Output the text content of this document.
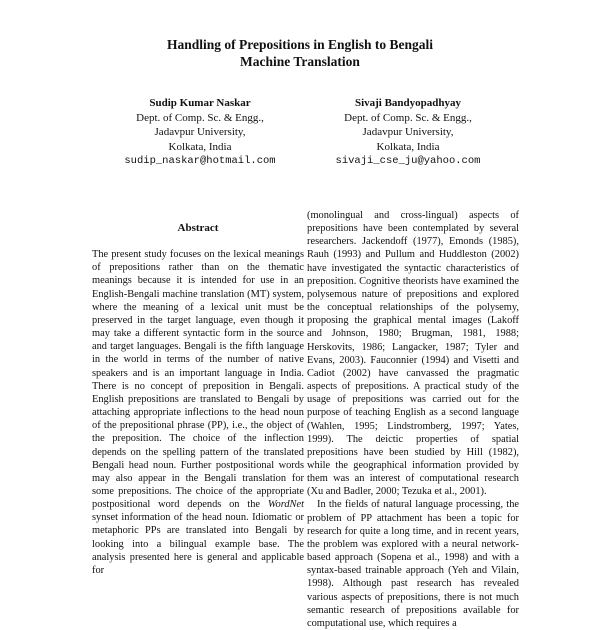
Handling of Prepositions in English to Bengali
Machine Translation
Sudip Kumar Naskar
Dept. of Comp. Sc. & Engg.,
Jadavpur University,
Kolkata, India
sudip_naskar@hotmail.com
Sivaji Bandyopadhyay
Dept. of Comp. Sc. & Engg.,
Jadavpur University,
Kolkata, India
sivaji_cse_ju@yahoo.com
Abstract

The present study focuses on the lexical meanings of prepositions rather than on the thematic meanings because it is intended for use in an English-Bengali machine translation (MT) system, where the meaning of a lexical unit must be preserved in the target language, even though it may take a different syntactic form in the source and target languages. Bengali is the fifth language in the world in terms of the number of native speakers and is an important language in India. There is no concept of preposition in Bengali. English prepositions are translated to Bengali by attaching appropriate inflections to the head noun of the prepositional phrase (PP), i.e., the object of the preposition. The choice of the inflection depends on the spelling pattern of the translated Bengali head noun. Further postpositional words may also appear in the Bengali translation for some prepositions. The choice of the appropriate postpositional word depends on the WordNet synset information of the head noun. Idiomatic or metaphoric PPs are translated into Bengali by looking into a bilingual example base. The analysis presented here is general and applicable for

(monolingual and cross-lingual) aspects of prepositions have been contemplated by several researchers. Jackendoff (1977), Emonds (1985), Rauh (1993) and Pullum and Huddleston (2002) have investigated the syntactic characteristics of preposition. Cognitive theorists have examined the polysemous nature of prepositions and explored the conceptual relationships of the polysemy, proposing the graphical mental images (Lakoff and Johnson, 1980; Brugman, 1981, 1988; Herskovits, 1986; Langacker, 1987; Tyler and Evans, 2003). Fauconnier (1994) and Visetti and Cadiot (2002) have canvassed the pragmatic aspects of prepositions. A practical study of the usage of prepositions was carried out for the purpose of teaching English as a second language (Wahlen, 1995; Lindstromberg, 1997; Yates, 1999). The deictic properties of spatial prepositions have been studied by Hill (1982), while the geographical information provided by them was an interest of computational research (Xu and Badler, 2000; Tezuka et al., 2001).

In the fields of natural language processing, the problem of PP attachment has been a topic for research for quite a long time, and in recent years, the problem was explored with a neural network-based approach (Sopena et al., 1998) and with a syntax-based trainable approach (Yeh and Vilain, 1998). Although past research has revealed various aspects of prepositions, there is not much semantic research of prepositions available for computational use, which requires a
